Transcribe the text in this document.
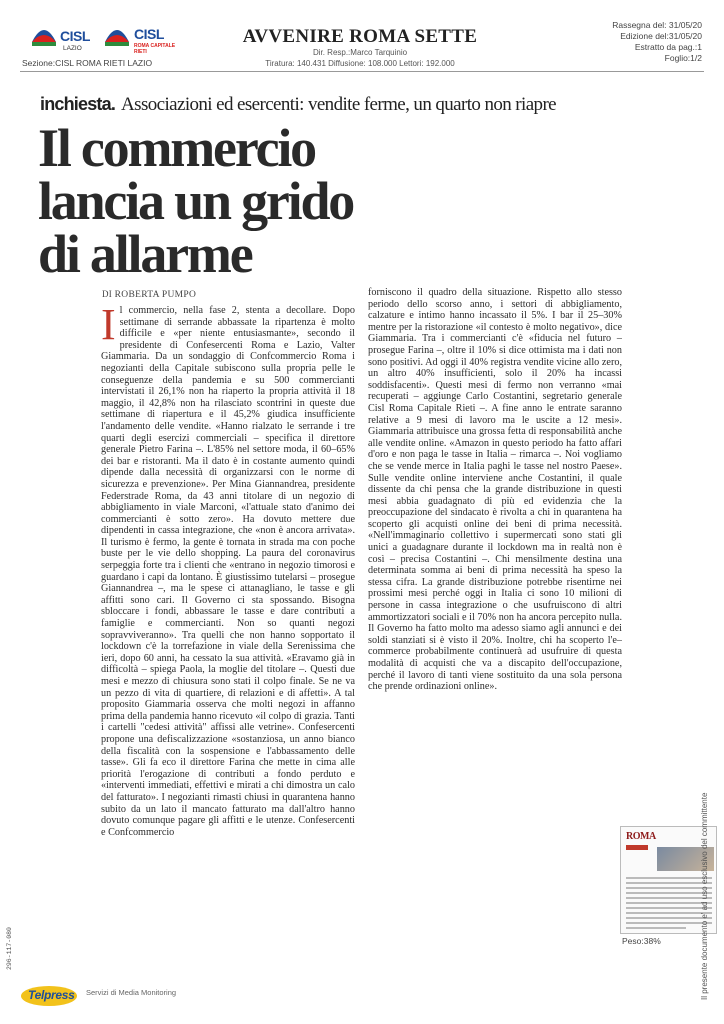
CISL
LAZIO
CISL
ROMA CAPITALE
RIETI
Sezione:CISL ROMA RIETI LAZIO
AVVENIRE ROMA SETTE
Dir. Resp.:Marco Tarquinio
Tiratura: 140.431 Diffusione: 108.000 Lettori: 192.000
Rassegna del: 31/05/20
Edizione del:31/05/20
Estratto da pag.:1
Foglio:1/2
inchiesta. Associazioni ed esercenti: vendite ferme, un quarto non riapre
Il commercio
lancia un grido
di allarme
DI ROBERTA PUMPO
Il commercio, nella fase 2, stenta a decollare. Dopo settimane di serrande abbassate la ripartenza è molto difficile e «per niente entusiasmante», secondo il presidente di Confesercenti Roma e Lazio, Valter Giammaria. Da un sondaggio di Confcommercio Roma i negozianti della Capitale subiscono sulla propria pelle le conseguenze della pandemia e su 500 commercianti intervistati il 26,1% non ha riaperto la propria attività il 18 maggio, il 42,8% non ha rilasciato scontrini in queste due settimane di riapertura e il 45,2% giudica insufficiente l'andamento delle vendite. «Hanno rialzato le serrande i tre quarti degli esercizi commerciali – specifica il direttore generale Pietro Farina –. L'85% nel settore moda, il 60–65% dei bar e ristoranti. Ma il dato è in costante aumento quindi dipende dalla necessità di organizzarsi con le norme di sicurezza e prevenzione». Per Mina Giannandrea, presidente Federstrade Roma, da 43 anni titolare di un negozio di abbigliamento in viale Marconi, «l'attuale stato d'animo dei commercianti è sotto zero». Ha dovuto mettere due dipendenti in cassa integrazione, che «non è ancora arrivata». Il turismo è fermo, la gente è tornata in strada ma con poche buste per le vie dello shopping. La paura del coronavirus serpeggia forte tra i clienti che «entrano in negozio timorosi e guardano i capi da lontano. È giustissimo tutelarsi – prosegue Giannandrea –, ma le spese ci attanagliano, le tasse e gli affitti sono cari. Il Governo ci sta spossando. Bisogna sbloccare i fondi, abbassare le tasse e dare contributi a famiglie e commercianti. Non so quanti negozi sopravviveranno». Tra quelli che non hanno sopportato il lockdown c'è la torrefazione in viale della Serenissima che ieri, dopo 60 anni, ha cessato la sua attività. «Eravamo già in difficoltà – spiega Paola, la moglie del titolare –. Questi due mesi e mezzo di chiusura sono stati il colpo finale. Se ne va un pezzo di vita di quartiere, di relazioni e di affetti». A tal proposito Giammaria osserva che molti negozi in affanno prima della pandemia hanno ricevuto «il colpo di grazia. Tanti i cartelli "cedesi attività" affissi alle vetrine». Confesercenti propone una defiscalizzazione «sostanziosa, un anno bianco della fiscalità con la sospensione e l'abbassamento delle tasse». Gli fa eco il direttore Farina che mette in cima alle priorità l'erogazione di contributi a fondo perduto e «interventi immediati, effettivi e mirati a chi dimostra un calo del fatturato». I negozianti rimasti chiusi in quarantena hanno subito da un lato il mancato fatturato ma dall'altro hanno dovuto comunque pagare gli affitti e le utenze. Confesercenti e Confcommercio
forniscono il quadro della situazione. Rispetto allo stesso periodo dello scorso anno, i settori di abbigliamento, calzature e intimo hanno incassato il 5%. I bar il 25–30% mentre per la ristorazione «il contesto è molto negativo», dice Giammaria. Tra i commercianti c'è «fiducia nel futuro – prosegue Farina –, oltre il 10% si dice ottimista ma i dati non sono positivi. Ad oggi il 40% registra vendite vicine allo zero, un altro 40% insufficienti, solo il 20% ha incassi soddisfacenti». Questi mesi di fermo non verranno «mai recuperati – aggiunge Carlo Costantini, segretario generale Cisl Roma Capitale Rieti –. A fine anno le entrate saranno relative a 9 mesi di lavoro ma le uscite a 12 mesi». Giammaria attribuisce una grossa fetta di responsabilità anche alle vendite online. «Amazon in questo periodo ha fatto affari d'oro e non paga le tasse in Italia – rimarca –. Noi vogliamo che se vende merce in Italia paghi le tasse nel nostro Paese». Sulle vendite online interviene anche Costantini, il quale dissente da chi pensa che la grande distribuzione in questi mesi abbia guadagnato di più ed evidenzia che la preoccupazione del sindacato è rivolta a chi in quarantena ha scoperto gli acquisti online dei beni di prima necessità. «Nell'immaginario collettivo i supermercati sono stati gli unici a guadagnare durante il lockdown ma in realtà non è così – precisa Costantini –. Chi mensilmente destina una determinata somma ai beni di prima necessità ha speso la stessa cifra. La grande distribuzione potrebbe risentirne nei prossimi mesi perché oggi in Italia ci sono 10 milioni di persone in cassa integrazione o che usufruiscono di altri ammortizzatori sociali e il 70% non ha ancora percepito nulla. Il Governo ha fatto molto ma adesso siamo agli annunci e dei soldi stanziati si è visto il 20%. Inoltre, chi ha scoperto l'e–commerce probabilmente continuerà ad usufruire di questa modalità di acquisti che va a discapito dell'occupazione, perché il lavoro di tanti viene sostituito da una sola persona che prende ordinazioni online».
ROMA
Peso:38%	Il presente documento e' ad uso esclusivo del committente
296-117-080
Telpress Servizi di Media Monitoring
